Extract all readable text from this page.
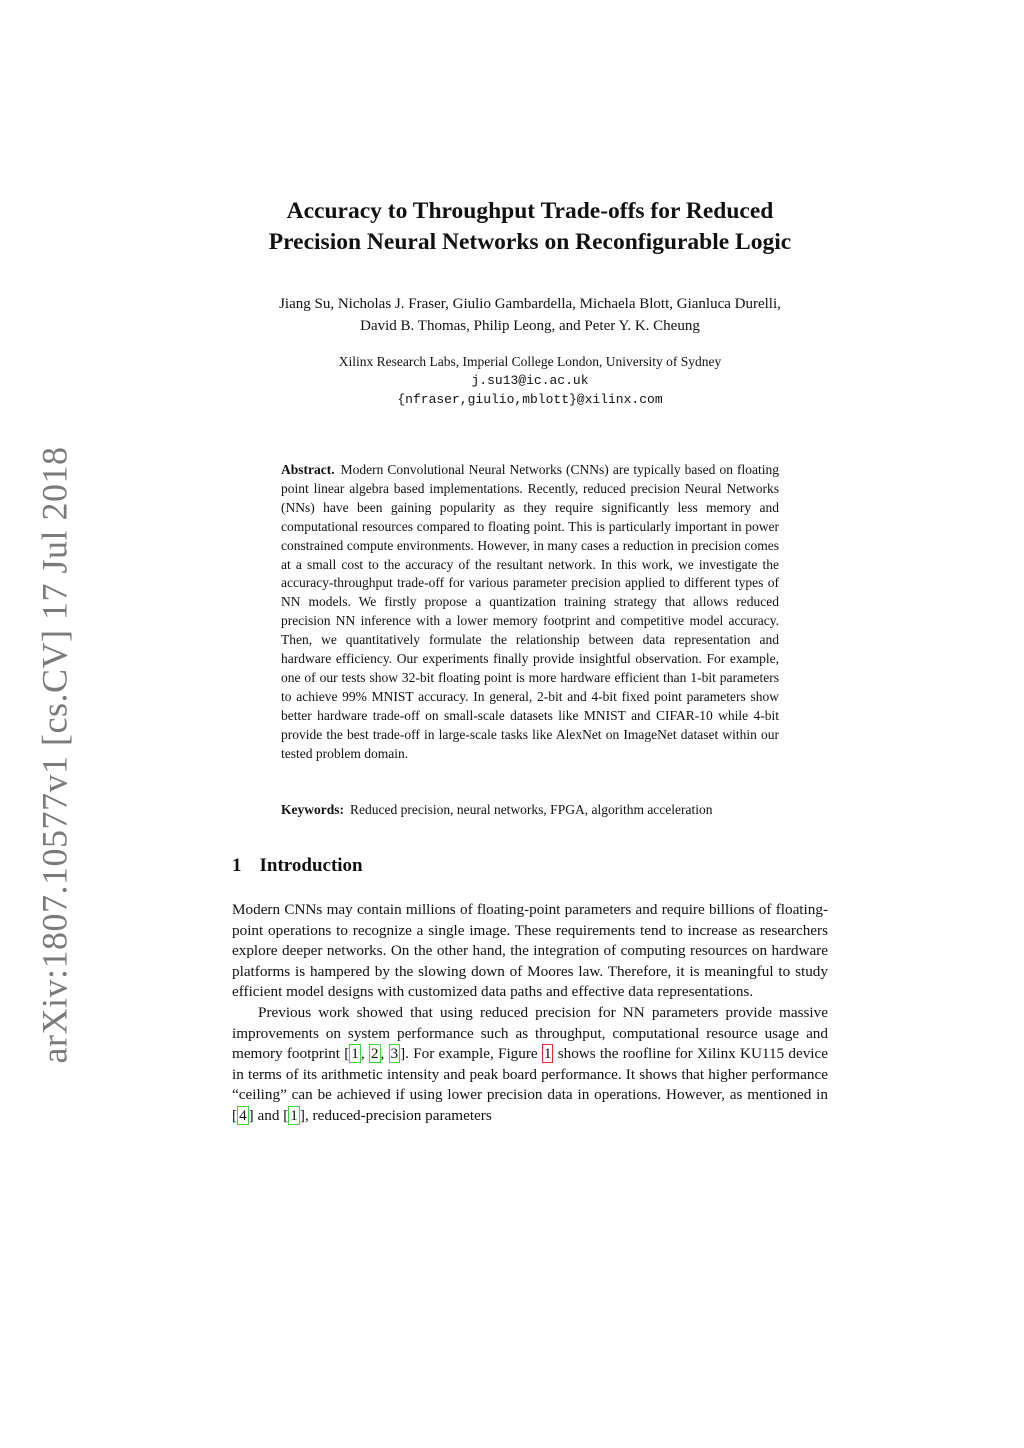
arXiv:1807.10577v1 [cs.CV] 17 Jul 2018
Accuracy to Throughput Trade-offs for Reduced
Precision Neural Networks on Reconfigurable Logic
Jiang Su, Nicholas J. Fraser, Giulio Gambardella, Michaela Blott, Gianluca Durelli,
David B. Thomas, Philip Leong, and Peter Y. K. Cheung
Xilinx Research Labs, Imperial College London, University of Sydney
j.su13@ic.ac.uk
{nfraser,giulio,mblott}@xilinx.com
Abstract. Modern Convolutional Neural Networks (CNNs) are typically based on floating point linear algebra based implementations. Recently, reduced precision Neural Networks (NNs) have been gaining popularity as they require significantly less memory and computational resources compared to floating point. This is particularly important in power constrained compute environments. However, in many cases a reduction in precision comes at a small cost to the accuracy of the resultant network. In this work, we investigate the accuracy-throughput trade-off for various parameter precision applied to different types of NN models. We firstly propose a quantization training strategy that allows reduced precision NN inference with a lower memory footprint and competitive model accuracy. Then, we quantitatively formulate the relationship between data representation and hardware efficiency. Our experiments finally provide insightful observation. For example, one of our tests show 32-bit floating point is more hardware efficient than 1-bit parameters to achieve 99% MNIST accuracy. In general, 2-bit and 4-bit fixed point parameters show better hardware trade-off on small-scale datasets like MNIST and CIFAR-10 while 4-bit provide the best trade-off in large-scale tasks like AlexNet on ImageNet dataset within our tested problem domain.
Keywords: Reduced precision, neural networks, FPGA, algorithm acceleration
1 Introduction

Modern CNNs may contain millions of floating-point parameters and require billions of floating-point operations to recognize a single image. These requirements tend to increase as researchers explore deeper networks. On the other hand, the integration of computing resources on hardware platforms is hampered by the slowing down of Moores law. Therefore, it is meaningful to study efficient model designs with customized data paths and effective data representations.

Previous work showed that using reduced precision for NN parameters provide massive improvements on system performance such as throughput, computational resource usage and memory footprint [ 1 , 2 , 3 ]. For example, Figure 1 shows the roofline for Xilinx KU115 device in terms of its arithmetic intensity and peak board performance. It shows that higher performance “ceiling” can be achieved if using lower precision data in operations. However, as mentioned in [ 4 ] and [ 1 ], reduced-precision parameters
